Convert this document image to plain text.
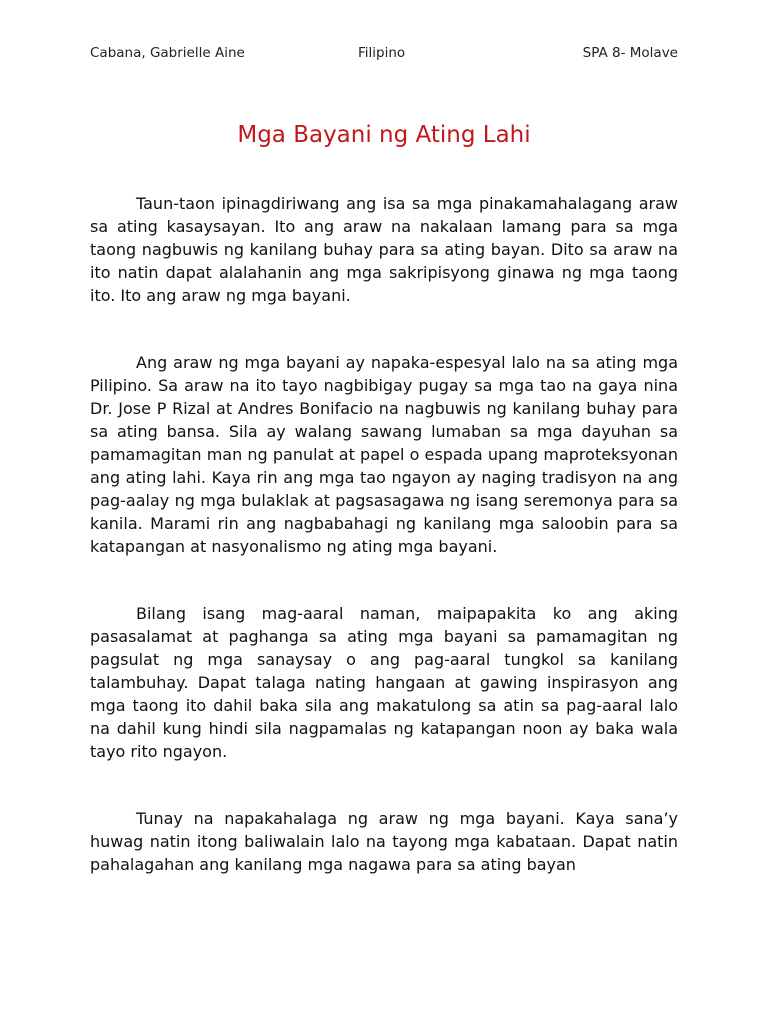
Cabana, Gabrielle Aine	Filipino	SPA 8- Molave
Mga Bayani ng Ating Lahi

Taun-taon ipinagdiriwang ang isa sa mga pinakamahalagang araw sa ating kasaysayan. Ito ang araw na nakalaan lamang para sa mga taong nagbuwis ng kanilang buhay para sa ating bayan. Dito sa araw na ito natin dapat alalahanin ang mga sakripisyong ginawa ng mga taong ito. Ito ang araw ng mga bayani.

Ang araw ng mga bayani ay napaka-espesyal lalo na sa ating mga Pilipino. Sa araw na ito tayo nagbibigay pugay sa mga tao na gaya nina Dr. Jose P Rizal at Andres Bonifacio na nagbuwis ng kanilang buhay para sa ating bansa. Sila ay walang sawang lumaban sa mga dayuhan sa pamamagitan man ng panulat at papel o espada upang maproteksyonan ang ating lahi. Kaya rin ang mga tao ngayon ay naging tradisyon na ang pag-aalay ng mga bulaklak at pagsasagawa ng isang seremonya para sa kanila. Marami rin ang nagbabahagi ng kanilang mga saloobin para sa katapangan at nasyonalismo ng ating mga bayani.

Bilang isang mag-aaral naman, maipapakita ko ang aking pasasalamat at paghanga sa ating mga bayani sa pamamagitan ng pagsulat ng mga sanaysay o ang pag-aaral tungkol sa kanilang talambuhay. Dapat talaga nating hangaan at gawing inspirasyon ang mga taong ito dahil baka sila ang makatulong sa atin sa pag-aaral lalo na dahil kung hindi sila nagpamalas ng katapangan noon ay baka wala tayo rito ngayon.

Tunay na napakahalaga ng araw ng mga bayani. Kaya sana’y huwag natin itong baliwalain lalo na tayong mga kabataan. Dapat natin pahalagahan ang kanilang mga nagawa para sa ating bayan
